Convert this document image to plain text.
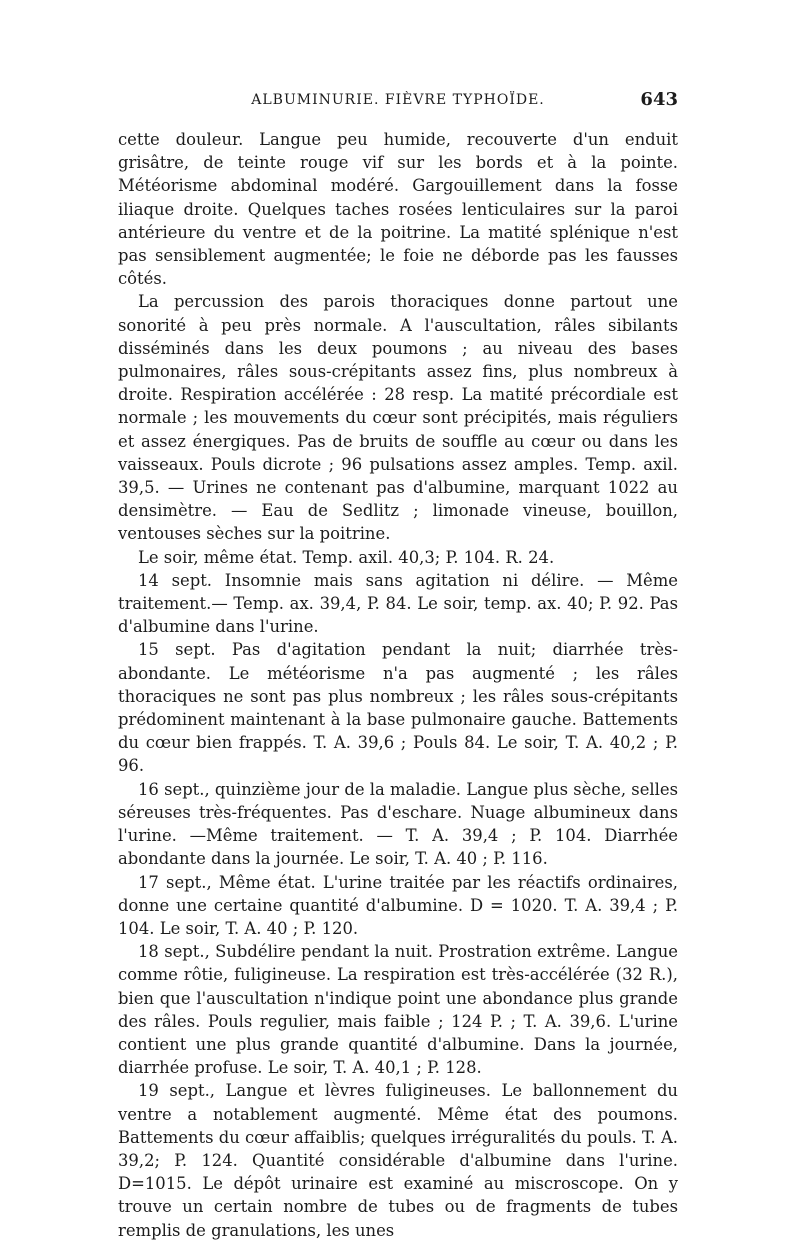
ALBUMINURIE. FIÈVRE TYPHOÏDE.	643

cette douleur. Langue peu humide, recouverte d'un enduit grisâtre, de teinte rouge vif sur les bords et à la pointe. Météorisme abdominal modéré. Gargouillement dans la fosse iliaque droite. Quelques taches rosées lenticulaires sur la paroi antérieure du ventre et de la poitrine. La matité splénique n'est pas sensiblement augmentée; le foie ne déborde pas les fausses côtés.

La percussion des parois thoraciques donne partout une sonorité à peu près normale. A l'auscultation, râles sibilants disséminés dans les deux poumons ; au niveau des bases pulmonaires, râles sous-crépitants assez fins, plus nombreux à droite. Respiration accélérée : 28 resp. La matité précordiale est normale ; les mouvements du cœur sont précipités, mais réguliers et assez énergiques. Pas de bruits de souffle au cœur ou dans les vaisseaux. Pouls dicrote ; 96 pulsations assez amples. Temp. axil. 39,5. — Urines ne contenant pas d'albumine, marquant 1022 au densimètre. — Eau de Sedlitz ; limonade vineuse, bouillon, ventouses sèches sur la poitrine.

Le soir, même état. Temp. axil. 40,3; P. 104. R. 24.

14 sept. Insomnie mais sans agitation ni délire. — Même traitement.— Temp. ax. 39,4, P. 84. Le soir, temp. ax. 40; P. 92. Pas d'albumine dans l'urine.

15 sept. Pas d'agitation pendant la nuit; diarrhée très-abondante. Le météorisme n'a pas augmenté ; les râles thoraciques ne sont pas plus nombreux ; les râles sous-crépitants prédominent maintenant à la base pulmonaire gauche. Battements du cœur bien frappés. T. A. 39,6 ; Pouls 84. Le soir, T. A. 40,2 ; P. 96.

16 sept., quinzième jour de la maladie. Langue plus sèche, selles séreuses très-fréquentes. Pas d'eschare. Nuage albumineux dans l'urine. —Même traitement. — T. A. 39,4 ; P. 104. Diarrhée abondante dans la journée. Le soir, T. A. 40 ; P. 116.

17 sept., Même état. L'urine traitée par les réactifs ordinaires, donne une certaine quantité d'albumine. D = 1020. T. A. 39,4 ; P. 104. Le soir, T. A. 40 ; P. 120.

18 sept., Subdélire pendant la nuit. Prostration extrême. Langue comme rôtie, fuligineuse. La respiration est très-accélérée (32 R.), bien que l'auscultation n'indique point une abondance plus grande des râles. Pouls regulier, mais faible ; 124 P. ; T. A. 39,6. L'urine contient une plus grande quantité d'albumine. Dans la journée, diarrhée profuse. Le soir, T. A. 40,1 ; P. 128.

19 sept., Langue et lèvres fuligineuses. Le ballonnement du ventre a notablement augmenté. Même état des poumons. Battements du cœur affaiblis; quelques irréguralités du pouls. T. A. 39,2; P. 124. Quantité considérable d'albumine dans l'urine. D=1015. Le dépôt urinaire est examiné au miscroscope. On y trouve un certain nombre de tubes ou de fragments de tubes remplis de granulations, les unes
